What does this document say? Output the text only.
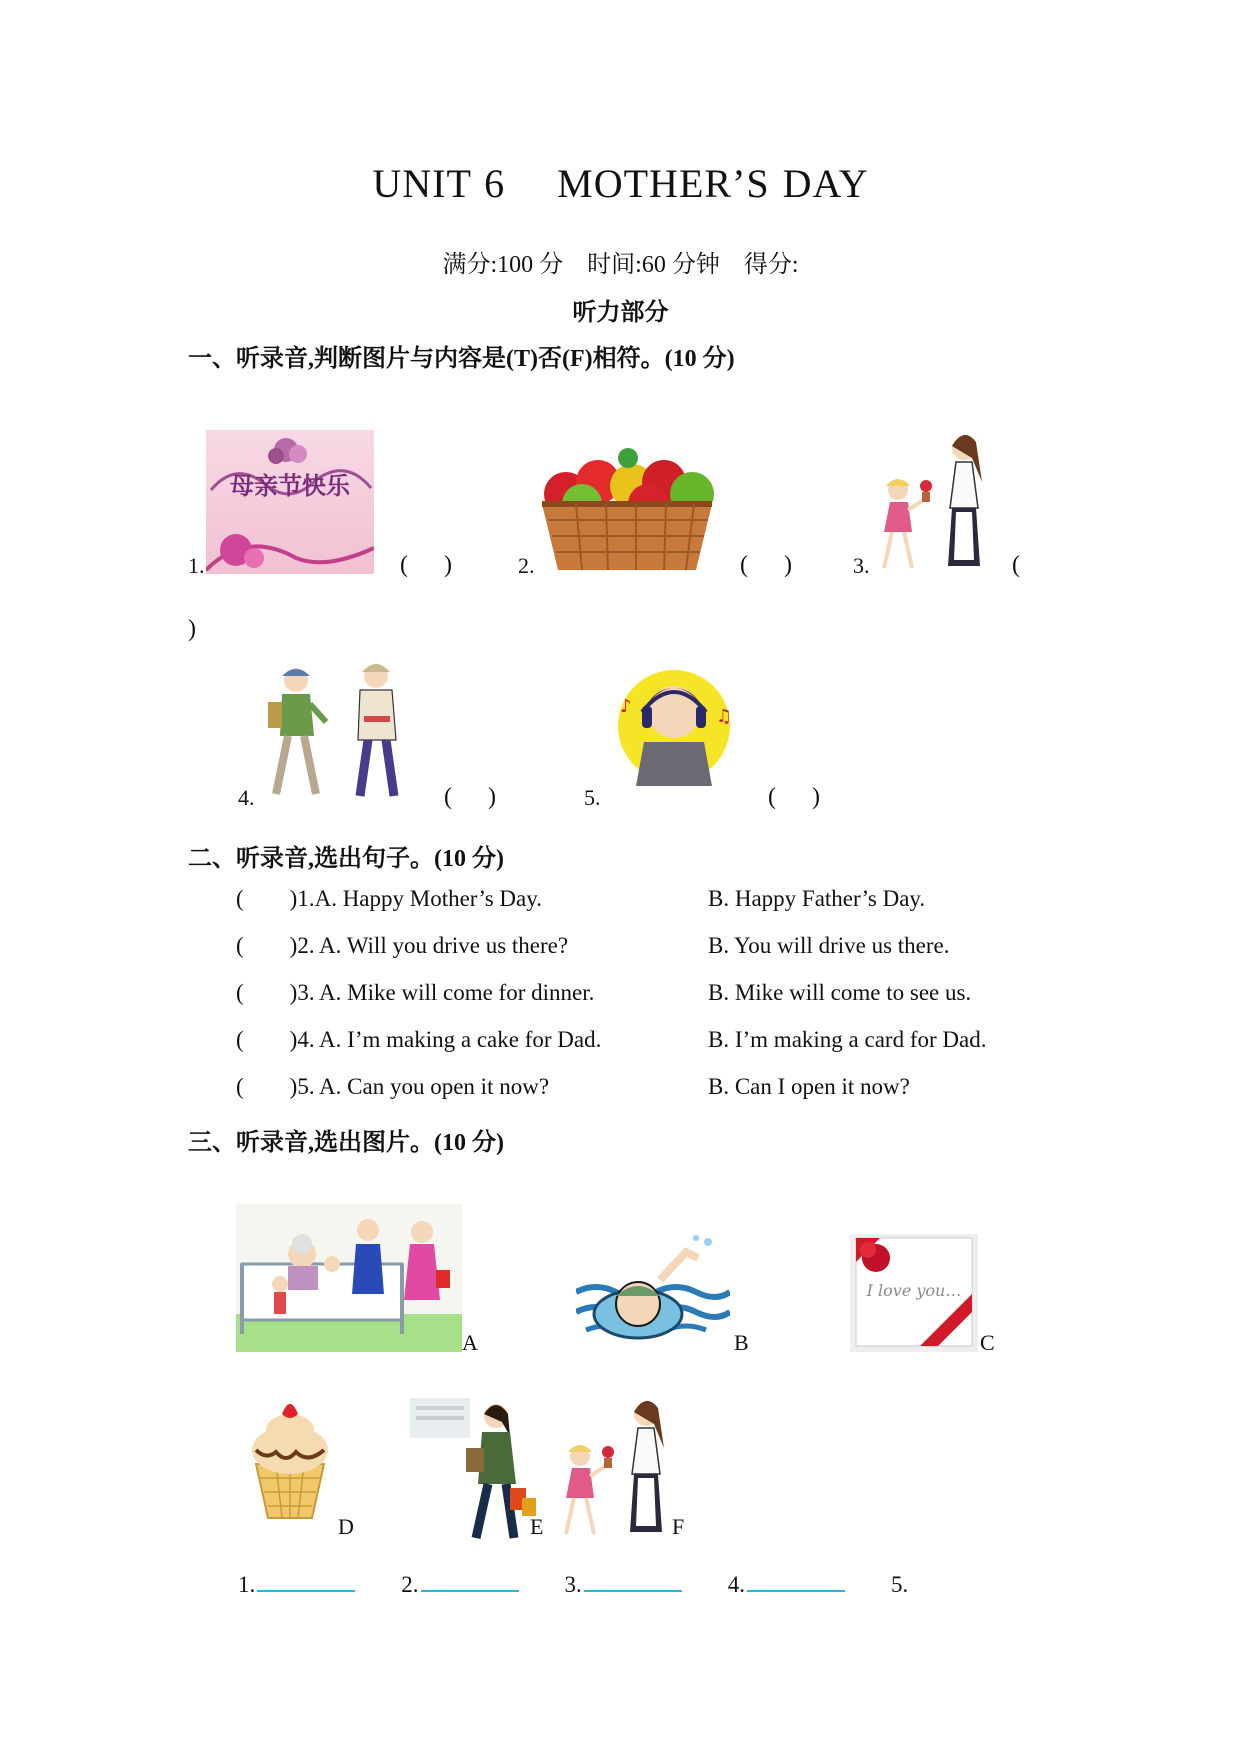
UNIT 6 MOTHER’S DAY
满分:100 分 时间:60 分钟 得分:
听力部分
一、听录音,判断图片与内容是(T)否(F)相符。(10 分)
1.
母亲节快乐
(      )	2.	(      )	3.	(
)
4.	(      )	5.
♪	♫
(      )
二、听录音,选出句子。(10 分)
(        )1.A. Happy Mother’s Day.	B. Happy Father’s Day.
(        )2. A. Will you drive us there?	B. You will drive us there.
(        )3. A. Mike will come for dinner.	B. Mike will come to see us.
(        )4. A. I’m making a cake for Dad.	B. I’m making a card for Dad.
(        )5. A. Can you open it now?	B. Can I open it now?
三、听录音,选出图片。(10 分)
A	B
I love you…
C
D	E	F
1.	2.	3.	4.	5.
